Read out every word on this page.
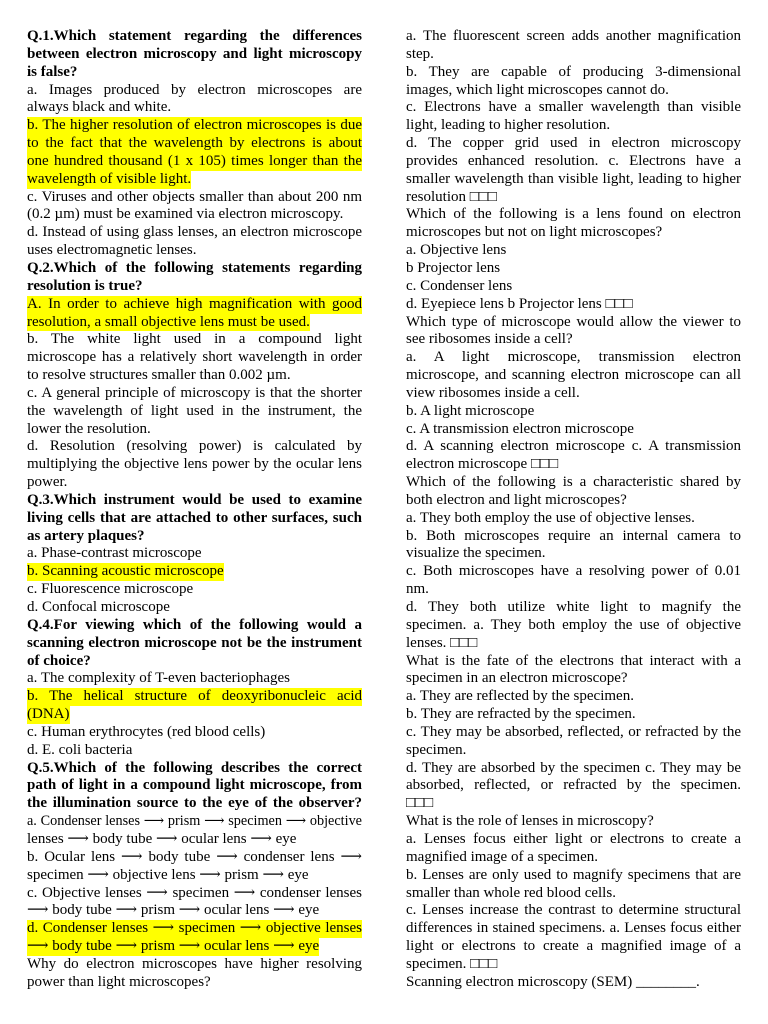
Q.1.Which statement regarding the differences
between electron microscopy and light microscopy
is false?
a. Images produced by electron microscopes are
always black and white.
b. The higher resolution of electron microscopes is due
to the fact that the wavelength by electrons is about
one hundred thousand (1 x 105) times longer than the
wavelength of visible light.
c. Viruses and other objects smaller than about 200 nm
(0.2 µm) must be examined via electron microscopy.
d. Instead of using glass lenses, an electron microscope
uses electromagnetic lenses.
Q.2.Which of the following statements regarding
resolution is true?
A. In order to achieve high magnification with good
resolution, a small objective lens must be used.
b. The white light used in a compound light
microscope has a relatively short wavelength in order
to resolve structures smaller than 0.002 µm.
c. A general principle of microscopy is that the shorter
the wavelength of light used in the instrument, the
lower the resolution.
d. Resolution (resolving power) is calculated by
multiplying the objective lens power by the ocular lens
power.
Q.3.Which instrument would be used to examine
living cells that are attached to other surfaces, such
as artery plaques?
a. Phase-contrast microscope
b. Scanning acoustic microscope
c. Fluorescence microscope
d. Confocal microscope
Q.4.For viewing which of the following would a
scanning electron microscope not be the instrument
of choice?
a. The complexity of T-even bacteriophages
b. The helical structure of deoxyribonucleic acid
(DNA)
c. Human erythrocytes (red blood cells)
d. E. coli bacteria
Q.5.Which of the following describes the correct
path of light in a compound light microscope, from
the illumination source to the eye of the observer?
a. Condenser lenses ⟶ prism ⟶ specimen ⟶ objective
lenses ⟶ body tube ⟶ ocular lens ⟶ eye
b. Ocular lens ⟶ body tube ⟶ condenser lens ⟶
specimen ⟶ objective lens ⟶ prism ⟶ eye
c. Objective lenses ⟶ specimen ⟶ condenser lenses
⟶ body tube ⟶ prism ⟶ ocular lens ⟶ eye
d. Condenser lenses ⟶ specimen ⟶ objective lenses
⟶ body tube ⟶ prism ⟶ ocular lens ⟶ eye
Why do electron microscopes have higher resolving
power than light microscopes?
a. The fluorescent screen adds another magnification
step.
b. They are capable of producing 3-dimensional
images, which light microscopes cannot do.
c. Electrons have a smaller wavelength than visible
light, leading to higher resolution.
d. The copper grid used in electron microscopy
provides enhanced resolution. c. Electrons have a
smaller wavelength than visible light, leading to higher
resolution □□□
Which of the following is a lens found on electron
microscopes but not on light microscopes?
a. Objective lens
b Projector lens
c. Condenser lens
d. Eyepiece lens b Projector lens □□□
Which type of microscope would allow the viewer to
see ribosomes inside a cell?
a. A light microscope, transmission electron
microscope, and scanning electron microscope can all
view ribosomes inside a cell.
b. A light microscope
c. A transmission electron microscope
d. A scanning electron microscope c. A transmission
electron microscope □□□
Which of the following is a characteristic shared by
both electron and light microscopes?
a. They both employ the use of objective lenses.
b. Both microscopes require an internal camera to
visualize the specimen.
c. Both microscopes have a resolving power of 0.01
nm.
d. They both utilize white light to magnify the
specimen. a. They both employ the use of objective
lenses. □□□
What is the fate of the electrons that interact with a
specimen in an electron microscope?
a. They are reflected by the specimen.
b. They are refracted by the specimen.
c. They may be absorbed, reflected, or refracted by the
specimen.
d. They are absorbed by the specimen c. They may be
absorbed, reflected, or refracted by the specimen.
□□□
What is the role of lenses in microscopy?
a. Lenses focus either light or electrons to create a
magnified image of a specimen.
b. Lenses are only used to magnify specimens that are
smaller than whole red blood cells.
c. Lenses increase the contrast to determine structural
differences in stained specimens. a. Lenses focus either
light or electrons to create a magnified image of a
specimen. □□□
Scanning electron microscopy (SEM) ________.
